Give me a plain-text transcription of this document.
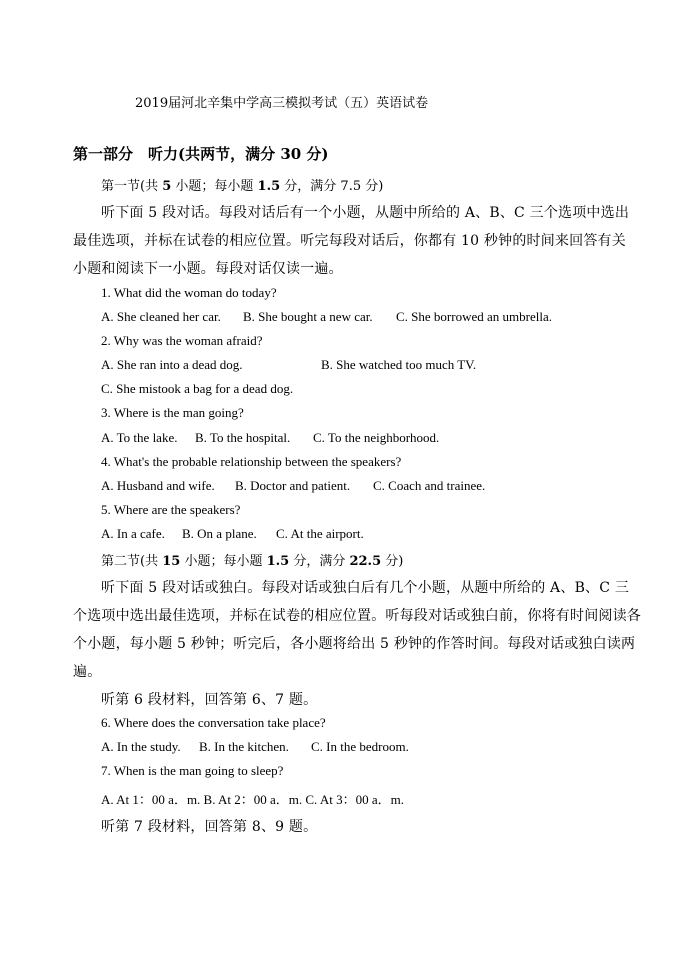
2019届河北辛集中学高三模拟考试（五）英语试卷
第一部分　听力(共两节，满分 30 分)
第一节(共 5 小题；每小题 1.5 分，满分 7.5 分)
听下面 5 段对话。每段对话后有一个小题，从题中所给的 A、B、C 三个选项中选出
最佳选项，并标在试卷的相应位置。听完每段对话后，你都有 10 秒钟的时间来回答有关
小题和阅读下一小题。每段对话仅读一遍。
1. What did the woman do today?
A. She cleaned her car. B. She bought a new car. C. She borrowed an umbrella.
2. Why was the woman afraid?
A. She ran into a dead dog.	B. She watched too much TV.
C. She mistook a bag for a dead dog.
3. Where is the man going?
A. To the lake. B. To the hospital. C. To the neighborhood.
4. What's the probable relationship between the speakers?
A. Husband and wife. B. Doctor and patient. C. Coach and trainee.
5. Where are the speakers?
A. In a cafe. B. On a plane. C. At the airport.
第二节(共 15 小题；每小题 1.5 分，满分 22.5 分)
听下面 5 段对话或独白。每段对话或独白后有几个小题，从题中所给的 A、B、C 三
个选项中选出最佳选项，并标在试卷的相应位置。听每段对话或独白前，你将有时间阅读各
个小题，每小题 5 秒钟；听完后，各小题将给出 5 秒钟的作答时间。每段对话或独白读两
遍。
听第 6 段材料，回答第 6、7 题。
6. Where does the conversation take place?
A. In the study. B. In the kitchen. C. In the bedroom.
7. When is the man going to sleep?
A. At 1：00 a．m. B. At 2：00 a．m. C. At 3：00 a．m.
听第 7 段材料，回答第 8、9 题。
